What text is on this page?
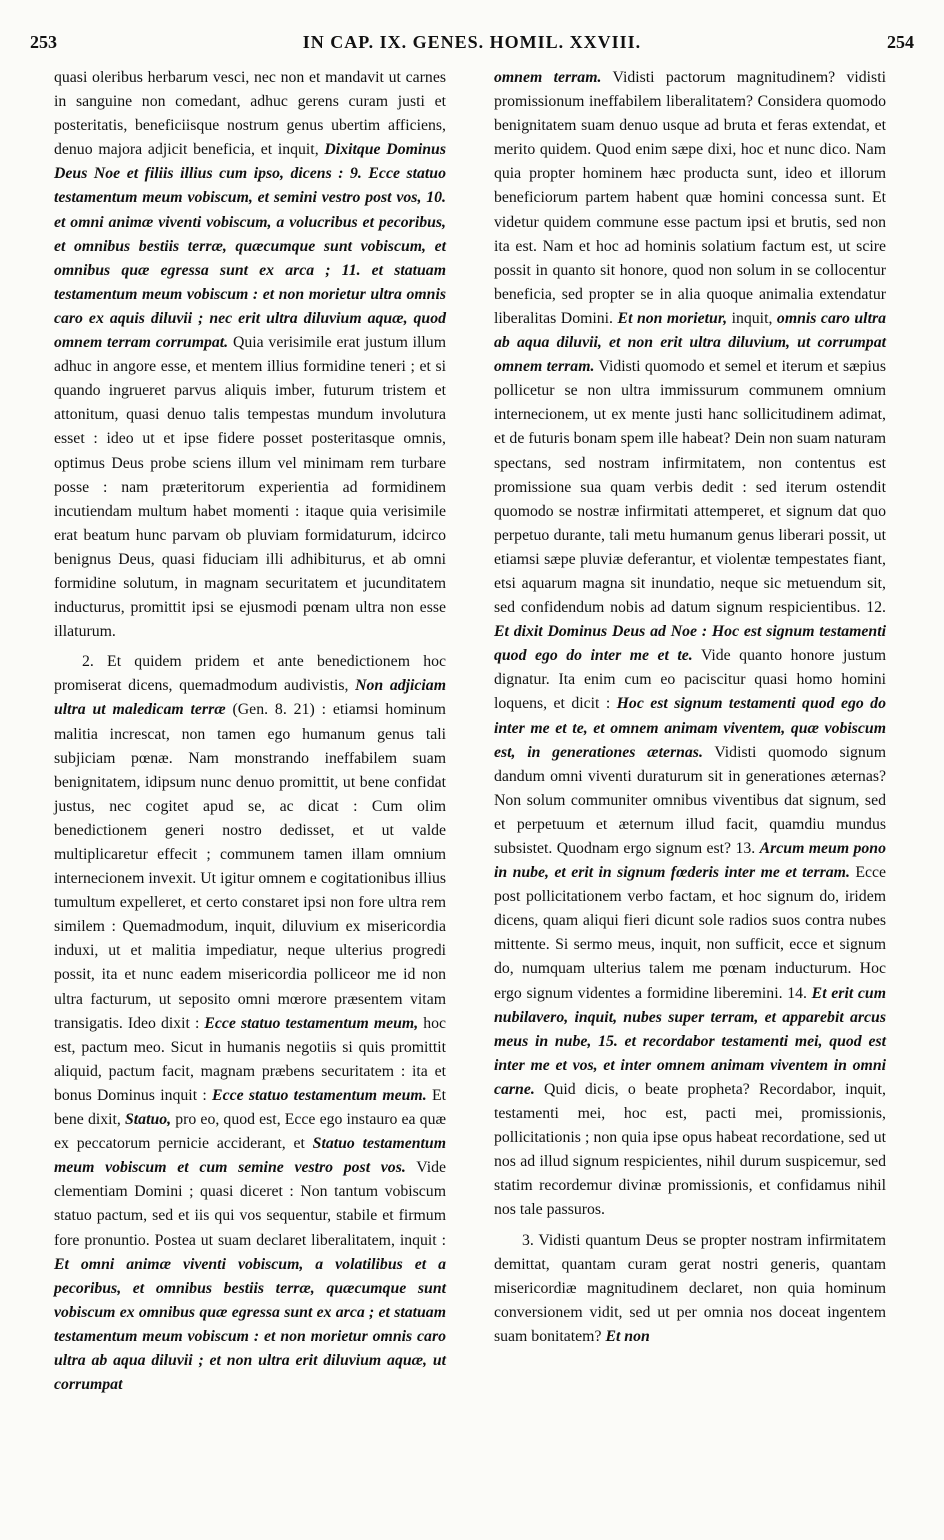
253	IN CAP. IX. GENES. HOMIL. XXVIII.	254

quasi oleribus herbarum vesci, nec non et mandavit ut carnes in sanguine non comedant, adhuc gerens curam justi et posteritatis, beneficiisque nostrum genus ubertim afficiens, denuo majora adjicit beneficia, et inquit, Dixitque Dominus Deus Noe et filiis illius cum ipso, dicens : 9. Ecce statuo testamentum meum vobiscum, et semini vestro post vos, 10. et omni animæ viventi vobiscum, a volucribus et pecoribus, et omnibus bestiis terræ, quæcumque sunt vobiscum, et omnibus quæ egressa sunt ex arca ; 11. et statuam testamentum meum vobiscum : et non morietur ultra omnis caro ex aquis diluvii ; nec erit ultra diluvium aquæ, quod omnem terram corrumpat. Quia verisimile erat justum illum adhuc in angore esse, et mentem illius formidine teneri ; et si quando ingrueret parvus aliquis imber, futurum tristem et attonitum, quasi denuo talis tempestas mundum involutura esset : ideo ut et ipse fidere posset posteritasque omnis, optimus Deus probe sciens illum vel minimam rem turbare posse : nam præteritorum experientia ad formidinem incutiendam multum habet momenti : itaque quia verisimile erat beatum hunc parvam ob pluviam formidaturum, idcirco benignus Deus, quasi fiduciam illi adhibiturus, et ab omni formidine solutum, in magnam securitatem et jucunditatem inducturus, promittit ipsi se ejusmodi pœnam ultra non esse illaturum.

2. Et quidem pridem et ante benedictionem hoc promiserat dicens, quemadmodum audivistis, Non adjiciam ultra ut maledicam terræ (Gen. 8. 21) : etiamsi hominum malitia increscat, non tamen ego humanum genus tali subjiciam pœnæ. Nam monstrando ineffabilem suam benignitatem, idipsum nunc denuo promittit, ut bene confidat justus, nec cogitet apud se, ac dicat : Cum olim benedictionem generi nostro dedisset, et ut valde multiplicaretur effecit ; communem tamen illam omnium internecionem invexit. Ut igitur omnem e cogitationibus illius tumultum expelleret, et certo constaret ipsi non fore ultra rem similem : Quemadmodum, inquit, diluvium ex misericordia induxi, ut et malitia impediatur, neque ulterius progredi possit, ita et nunc eadem misericordia polliceor me id non ultra facturum, ut seposito omni mœrore præsentem vitam transigatis. Ideo dixit : Ecce statuo testamentum meum, hoc est, pactum meo. Sicut in humanis negotiis si quis promittit aliquid, pactum facit, magnam præbens securitatem : ita et bonus Dominus inquit : Ecce statuo testamentum meum. Et bene dixit, Statuo, pro eo, quod est, Ecce ego instauro ea quæ ex peccatorum pernicie acciderant, et Statuo testamentum meum vobiscum et cum semine vestro post vos. Vide clementiam Domini ; quasi diceret : Non tantum vobiscum statuo pactum, sed et iis qui vos sequentur, stabile et firmum fore pronuntio. Postea ut suam declaret liberalitatem, inquit : Et omni animæ viventi vobiscum, a volatilibus et a pecoribus, et omnibus bestiis terræ, quæcumque sunt vobiscum ex omnibus quæ egressa sunt ex arca ; et statuam testamentum meum vobiscum : et non morietur omnis caro ultra ab aqua diluvii ; et non ultra erit diluvium aquæ, ut corrumpat

omnem terram. Vidisti pactorum magnitudinem? vidisti promissionum ineffabilem liberalitatem? Considera quomodo benignitatem suam denuo usque ad bruta et feras extendat, et merito quidem. Quod enim sæpe dixi, hoc et nunc dico. Nam quia propter hominem hæc producta sunt, ideo et illorum beneficiorum partem habent quæ homini concessa sunt. Et videtur quidem commune esse pactum ipsi et brutis, sed non ita est. Nam et hoc ad hominis solatium factum est, ut scire possit in quanto sit honore, quod non solum in se collocentur beneficia, sed propter se in alia quoque animalia extendatur liberalitas Domini. Et non morietur, inquit, omnis caro ultra ab aqua diluvii, et non erit ultra diluvium, ut corrumpat omnem terram. Vidisti quomodo et semel et iterum et sæpius pollicetur se non ultra immissurum communem omnium internecionem, ut ex mente justi hanc sollicitudinem adimat, et de futuris bonam spem ille habeat? Dein non suam naturam spectans, sed nostram infirmitatem, non contentus est promissione sua quam verbis dedit : sed iterum ostendit quomodo se nostræ infirmitati attemperet, et signum dat quo perpetuo durante, tali metu humanum genus liberari possit, ut etiamsi sæpe pluviæ deferantur, et violentæ tempestates fiant, etsi aquarum magna sit inundatio, neque sic metuendum sit, sed confidendum nobis ad datum signum respicientibus. 12. Et dixit Dominus Deus ad Noe : Hoc est signum testamenti quod ego do inter me et te. Vide quanto honore justum dignatur. Ita enim cum eo paciscitur quasi homo homini loquens, et dicit : Hoc est signum testamenti quod ego do inter me et te, et omnem animam viventem, quæ vobiscum est, in generationes æternas. Vidisti quomodo signum dandum omni viventi duraturum sit in generationes æternas? Non solum communiter omnibus viventibus dat signum, sed et perpetuum et æternum illud facit, quamdiu mundus subsistet. Quodnam ergo signum est? 13. Arcum meum pono in nube, et erit in signum fœderis inter me et terram. Ecce post pollicitationem verbo factam, et hoc signum do, iridem dicens, quam aliqui fieri dicunt sole radios suos contra nubes mittente. Si sermo meus, inquit, non sufficit, ecce et signum do, numquam ulterius talem me pœnam inducturum. Hoc ergo signum videntes a formidine liberemini. 14. Et erit cum nubilavero, inquit, nubes super terram, et apparebit arcus meus in nube, 15. et recordabor testamenti mei, quod est inter me et vos, et inter omnem animam viventem in omni carne. Quid dicis, o beate propheta? Recordabor, inquit, testamenti mei, hoc est, pacti mei, promissionis, pollicitationis ; non quia ipse opus habeat recordatione, sed ut nos ad illud signum respicientes, nihil durum suspicemur, sed statim recordemur divinæ promissionis, et confidamus nihil nos tale passuros.

3. Vidisti quantum Deus se propter nostram infirmitatem demittat, quantam curam gerat nostri generis, quantam misericordiæ magnitudinem declaret, non quia hominum conversionem vidit, sed ut per omnia nos doceat ingentem suam bonitatem? Et non
